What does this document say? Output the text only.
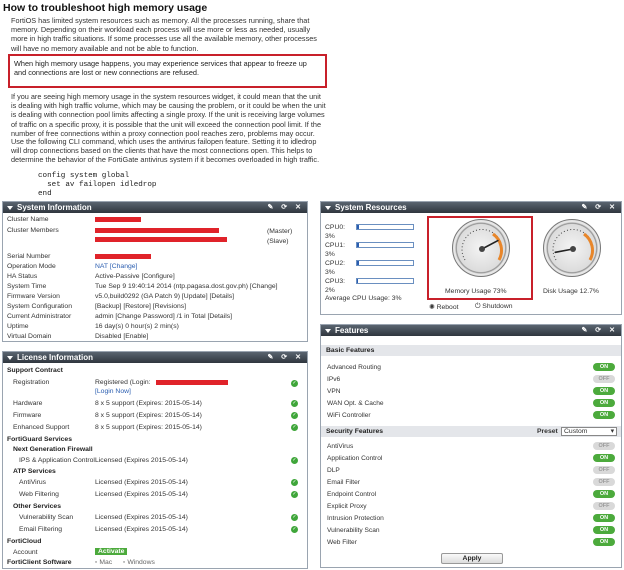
How to troubleshoot high memory usage
FortiOS has limited system resources such as memory. All the processes running, share that memory. Depending on their workload each process will use more or less as needed, usually more in high traffic situations. If some processes use all the available memory, other processes will have no memory available and not be able to function.
When high memory usage happens, you may experience services that appear to freeze up and connections are lost or new connections are refused.
If you are seeing high memory usage in the system resources widget, it could mean that the unit is dealing with high traffic volume, which may be causing the problem, or it could be when the unit is dealing with connection pool limits affecting a single proxy. If the unit is receiving large volumes of traffic on a specific proxy, it is possible that the unit will exceed the connection pool limit. If the number of free connections within a proxy connection pool reaches zero, problems may occur.
Use the following CLI command, which uses the antivirus failopen feature. Setting it to idledrop will drop connections based on the clients that have the most connections open. This helps to determine the behavior of the FortiGate antivirus system if it becomes overloaded in high traffic.
config system global
set av failopen idledrop
end
System Information	✎ ⟳ ✕
Cluster Name
Cluster Members	(Master)
(Slave)
Serial Number
Operation Mode	NAT [Change]
HA Status	Active-Passive [Configure]
System Time	Tue Sep 9 19:40:14 2014 (ntp.pagasa.dost.gov.ph) [Change]
Firmware Version	v5.0,build0292 (GA Patch 9) [Update] [Details]
System Configuration	[Backup] [Restore] [Revisions]
Current Administrator	admin [Change Password] /1 in Total [Details]
Uptime	16 day(s) 0 hour(s) 2 min(s)
Virtual Domain	Disabled [Enable]
License Information	✎ ⟳ ✕
Support Contract
Registration	Registered (Login:
[Login Now]
✓
Hardware	8 x 5 support (Expires: 2015-05-14)	✓
Firmware	8 x 5 support (Expires: 2015-05-14)	✓
Enhanced Support	8 x 5 support (Expires: 2015-05-14)	✓
FortiGuard Services
Next Generation Firewall
IPS & Application Control Licensed (Expires 2015-05-14)	✓
ATP Services
AntiVirus	Licensed (Expires 2015-05-14)	✓
Web Filtering	Licensed (Expires 2015-05-14)	✓
Other Services
Vulnerability Scan	Licensed (Expires 2015-05-14)	✓
Email Filtering	Licensed (Expires 2015-05-14)	✓
FortiCloud
Account	Activate
FortiClient Software	▫ Mac ▫ Windows
System Resources	✎ ⟳ ✕
CPU0:
3%
CPU1:
3%
CPU2:
3%
CPU3:
2%
Average CPU Usage: 3%
Memory Usage 73%	Disk Usage 12.7%
✺ Reboot ⏻ Shutdown
Features	✎ ⟳ ✕
Basic Features
Advanced Routing	ON
IPv6	OFF
VPN	ON
WAN Opt. & Cache	ON
WiFi Controller	ON
Security Features	Preset Custom	▾
AntiVirus	OFF
Application Control	ON
DLP	OFF
Email Filter	OFF
Endpoint Control	ON
Explicit Proxy	OFF
Intrusion Protection	ON
Vulnerability Scan	ON
Web Filter	ON
Apply
